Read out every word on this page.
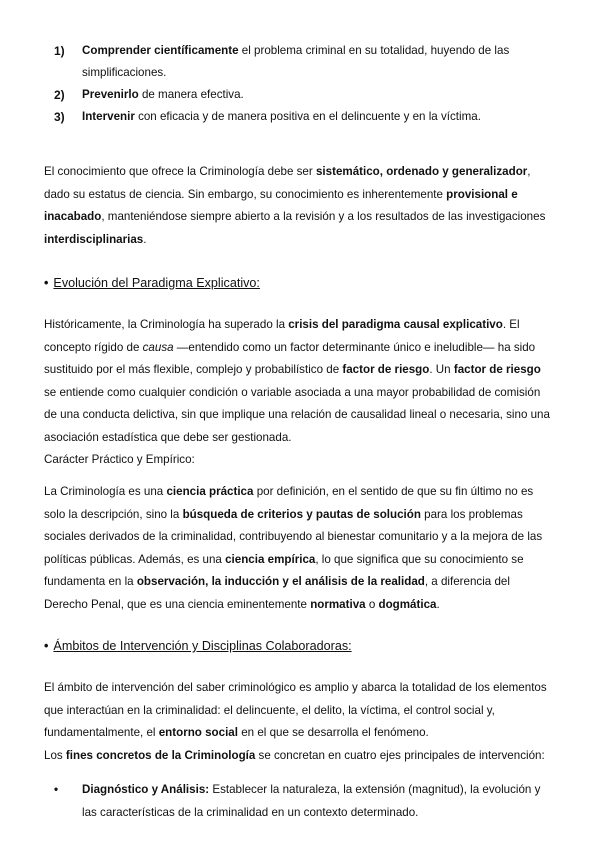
1)	Comprender científicamente el problema criminal en su totalidad, huyendo de las simplificaciones.
2)	Prevenirlo de manera efectiva.
3)	Intervenir con eficacia y de manera positiva en el delincuente y en la víctima.
El conocimiento que ofrece la Criminología debe ser sistemático, ordenado y generalizador, dado su estatus de ciencia. Sin embargo, su conocimiento es inherentemente provisional e inacabado, manteniéndose siempre abierto a la revisión y a los resultados de las investigaciones interdisciplinarias.
• Evolución del Paradigma Explicativo:
Históricamente, la Criminología ha superado la crisis del paradigma causal explicativo. El concepto rígido de causa —entendido como un factor determinante único e ineludible— ha sido sustituido por el más flexible, complejo y probabilístico de factor de riesgo. Un factor de riesgo se entiende como cualquier condición o variable asociada a una mayor probabilidad de comisión de una conducta delictiva, sin que implique una relación de causalidad lineal o necesaria, sino una asociación estadística que debe ser gestionada.
Carácter Práctico y Empírico:
La Criminología es una ciencia práctica por definición, en el sentido de que su fin último no es solo la descripción, sino la búsqueda de criterios y pautas de solución para los problemas sociales derivados de la criminalidad, contribuyendo al bienestar comunitario y a la mejora de las políticas públicas. Además, es una ciencia empírica, lo que significa que su conocimiento se fundamenta en la observación, la inducción y el análisis de la realidad, a diferencia del Derecho Penal, que es una ciencia eminentemente normativa o dogmática.
• Ámbitos de Intervención y Disciplinas Colaboradoras:
El ámbito de intervención del saber criminológico es amplio y abarca la totalidad de los elementos que interactúan en la criminalidad: el delincuente, el delito, la víctima, el control social y, fundamentalmente, el entorno social en el que se desarrolla el fenómeno.
Los fines concretos de la Criminología se concretan en cuatro ejes principales de intervención:
•	Diagnóstico y Análisis: Establecer la naturaleza, la extensión (magnitud), la evolución y las características de la criminalidad en un contexto determinado.
